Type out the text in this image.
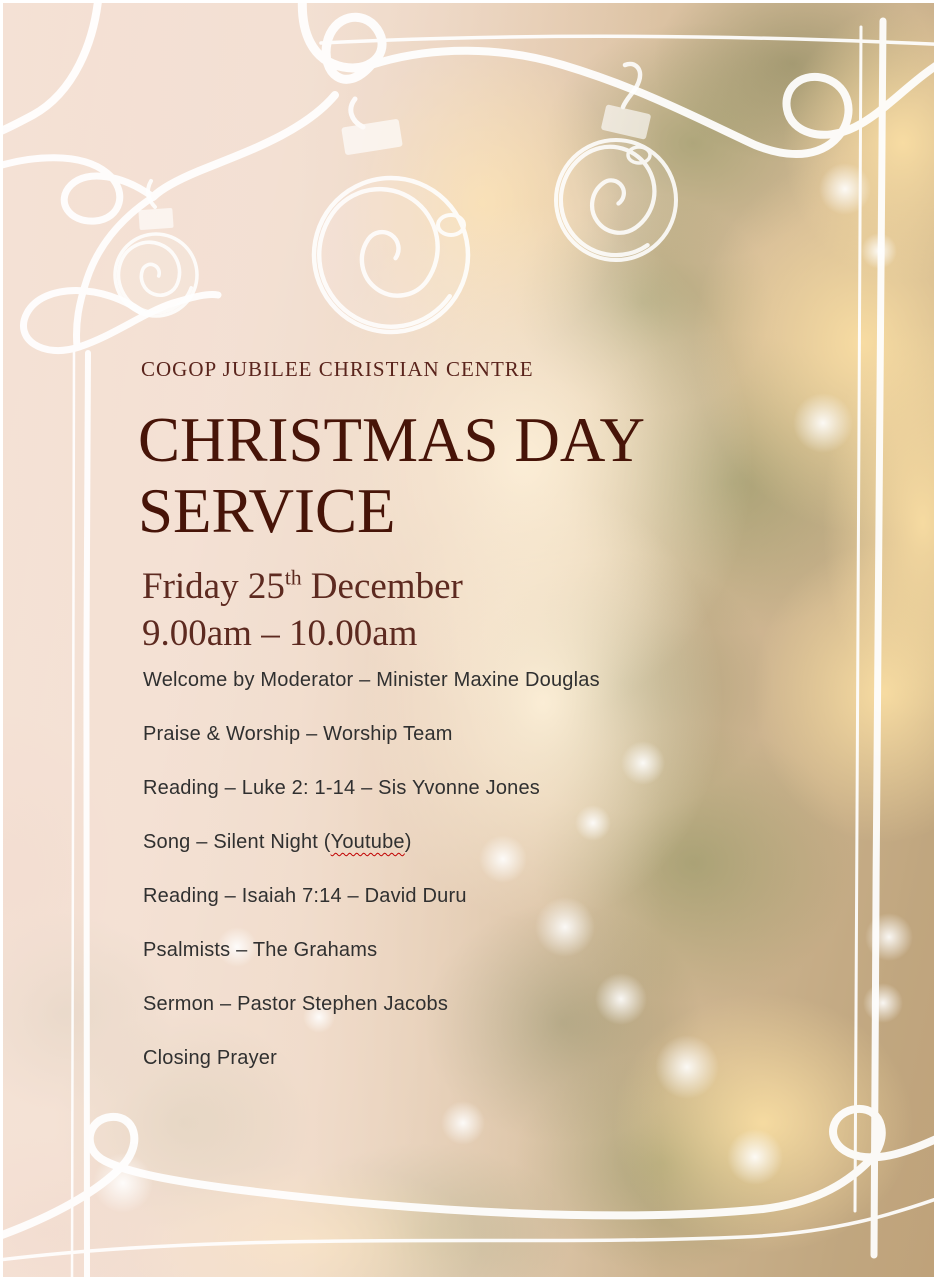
COGOP JUBILEE CHRISTIAN CENTRE
CHRISTMAS DAY
SERVICE
Friday 25th December
9.00am – 10.00am
Welcome by Moderator – Minister Maxine Douglas
Praise & Worship – Worship Team
Reading – Luke 2: 1-14 – Sis Yvonne Jones
Song – Silent Night (Youtube)
Reading – Isaiah 7:14 – David Duru
Psalmists – The Grahams
Sermon – Pastor Stephen Jacobs
Closing Prayer
